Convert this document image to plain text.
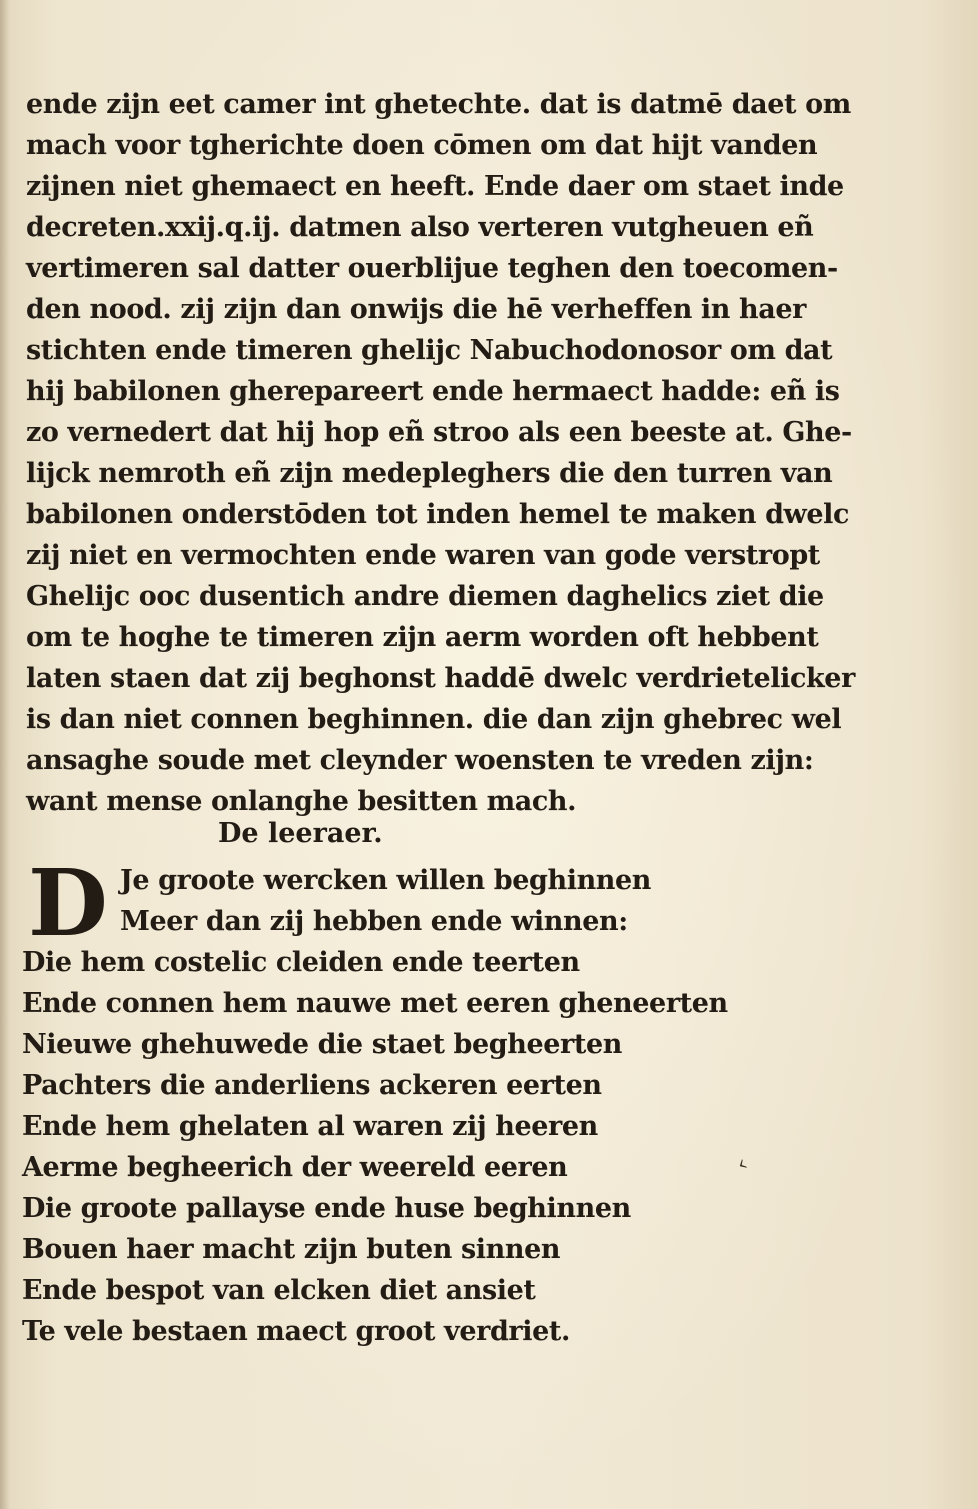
ende zijn eet camer int ghetechte. dat is datmē daet om
mach voor tgherichte doen cōmen om dat hijt vanden
zijnen niet ghemaect en heeft. Ende daer om staet inde
decreten.xxij.q.ij. datmen also verteren vutgheuen eñ
vertimeren sal datter ouerblijue teghen den toecomen-
den nood. zij zijn dan onwijs die hē verheffen in haer
stichten ende timeren ghelijc Nabuchodonosor om dat
hij babilonen gherepareert ende hermaect hadde: eñ is
zo vernedert dat hij hop eñ stroo als een beeste at. Ghe-
lijck nemroth eñ zijn medepleghers die den turren van
babilonen onderstōden tot inden hemel te maken dwelc
zij niet en vermochten ende waren van gode verstropt
Ghelijc ooc dusentich andre diemen daghelics ziet die
om te hoghe te timeren zijn aerm worden oft hebbent
laten staen dat zij beghonst haddē dwelc verdrietelicker
is dan niet connen beghinnen. die dan zijn ghebrec wel
ansaghe soude met cleynder woensten te vreden zijn:
want mense onlanghe besitten mach.
De leeraer.
D Je groote wercken willen beghinnen
Meer dan zij hebben ende winnen:
Die hem costelic cleiden ende teerten
Ende connen hem nauwe met eeren gheneerten
Nieuwe ghehuwede die staet begheerten
Pachters die anderliens ackeren eerten
Ende hem ghelaten al waren zij heeren
Aerme begheerich der weereld eeren
Die groote pallayse ende huse beghinnen
Bouen haer macht zijn buten sinnen
Ende bespot van elcken diet ansiet
Te vele bestaen maect groot verdriet.
‹
